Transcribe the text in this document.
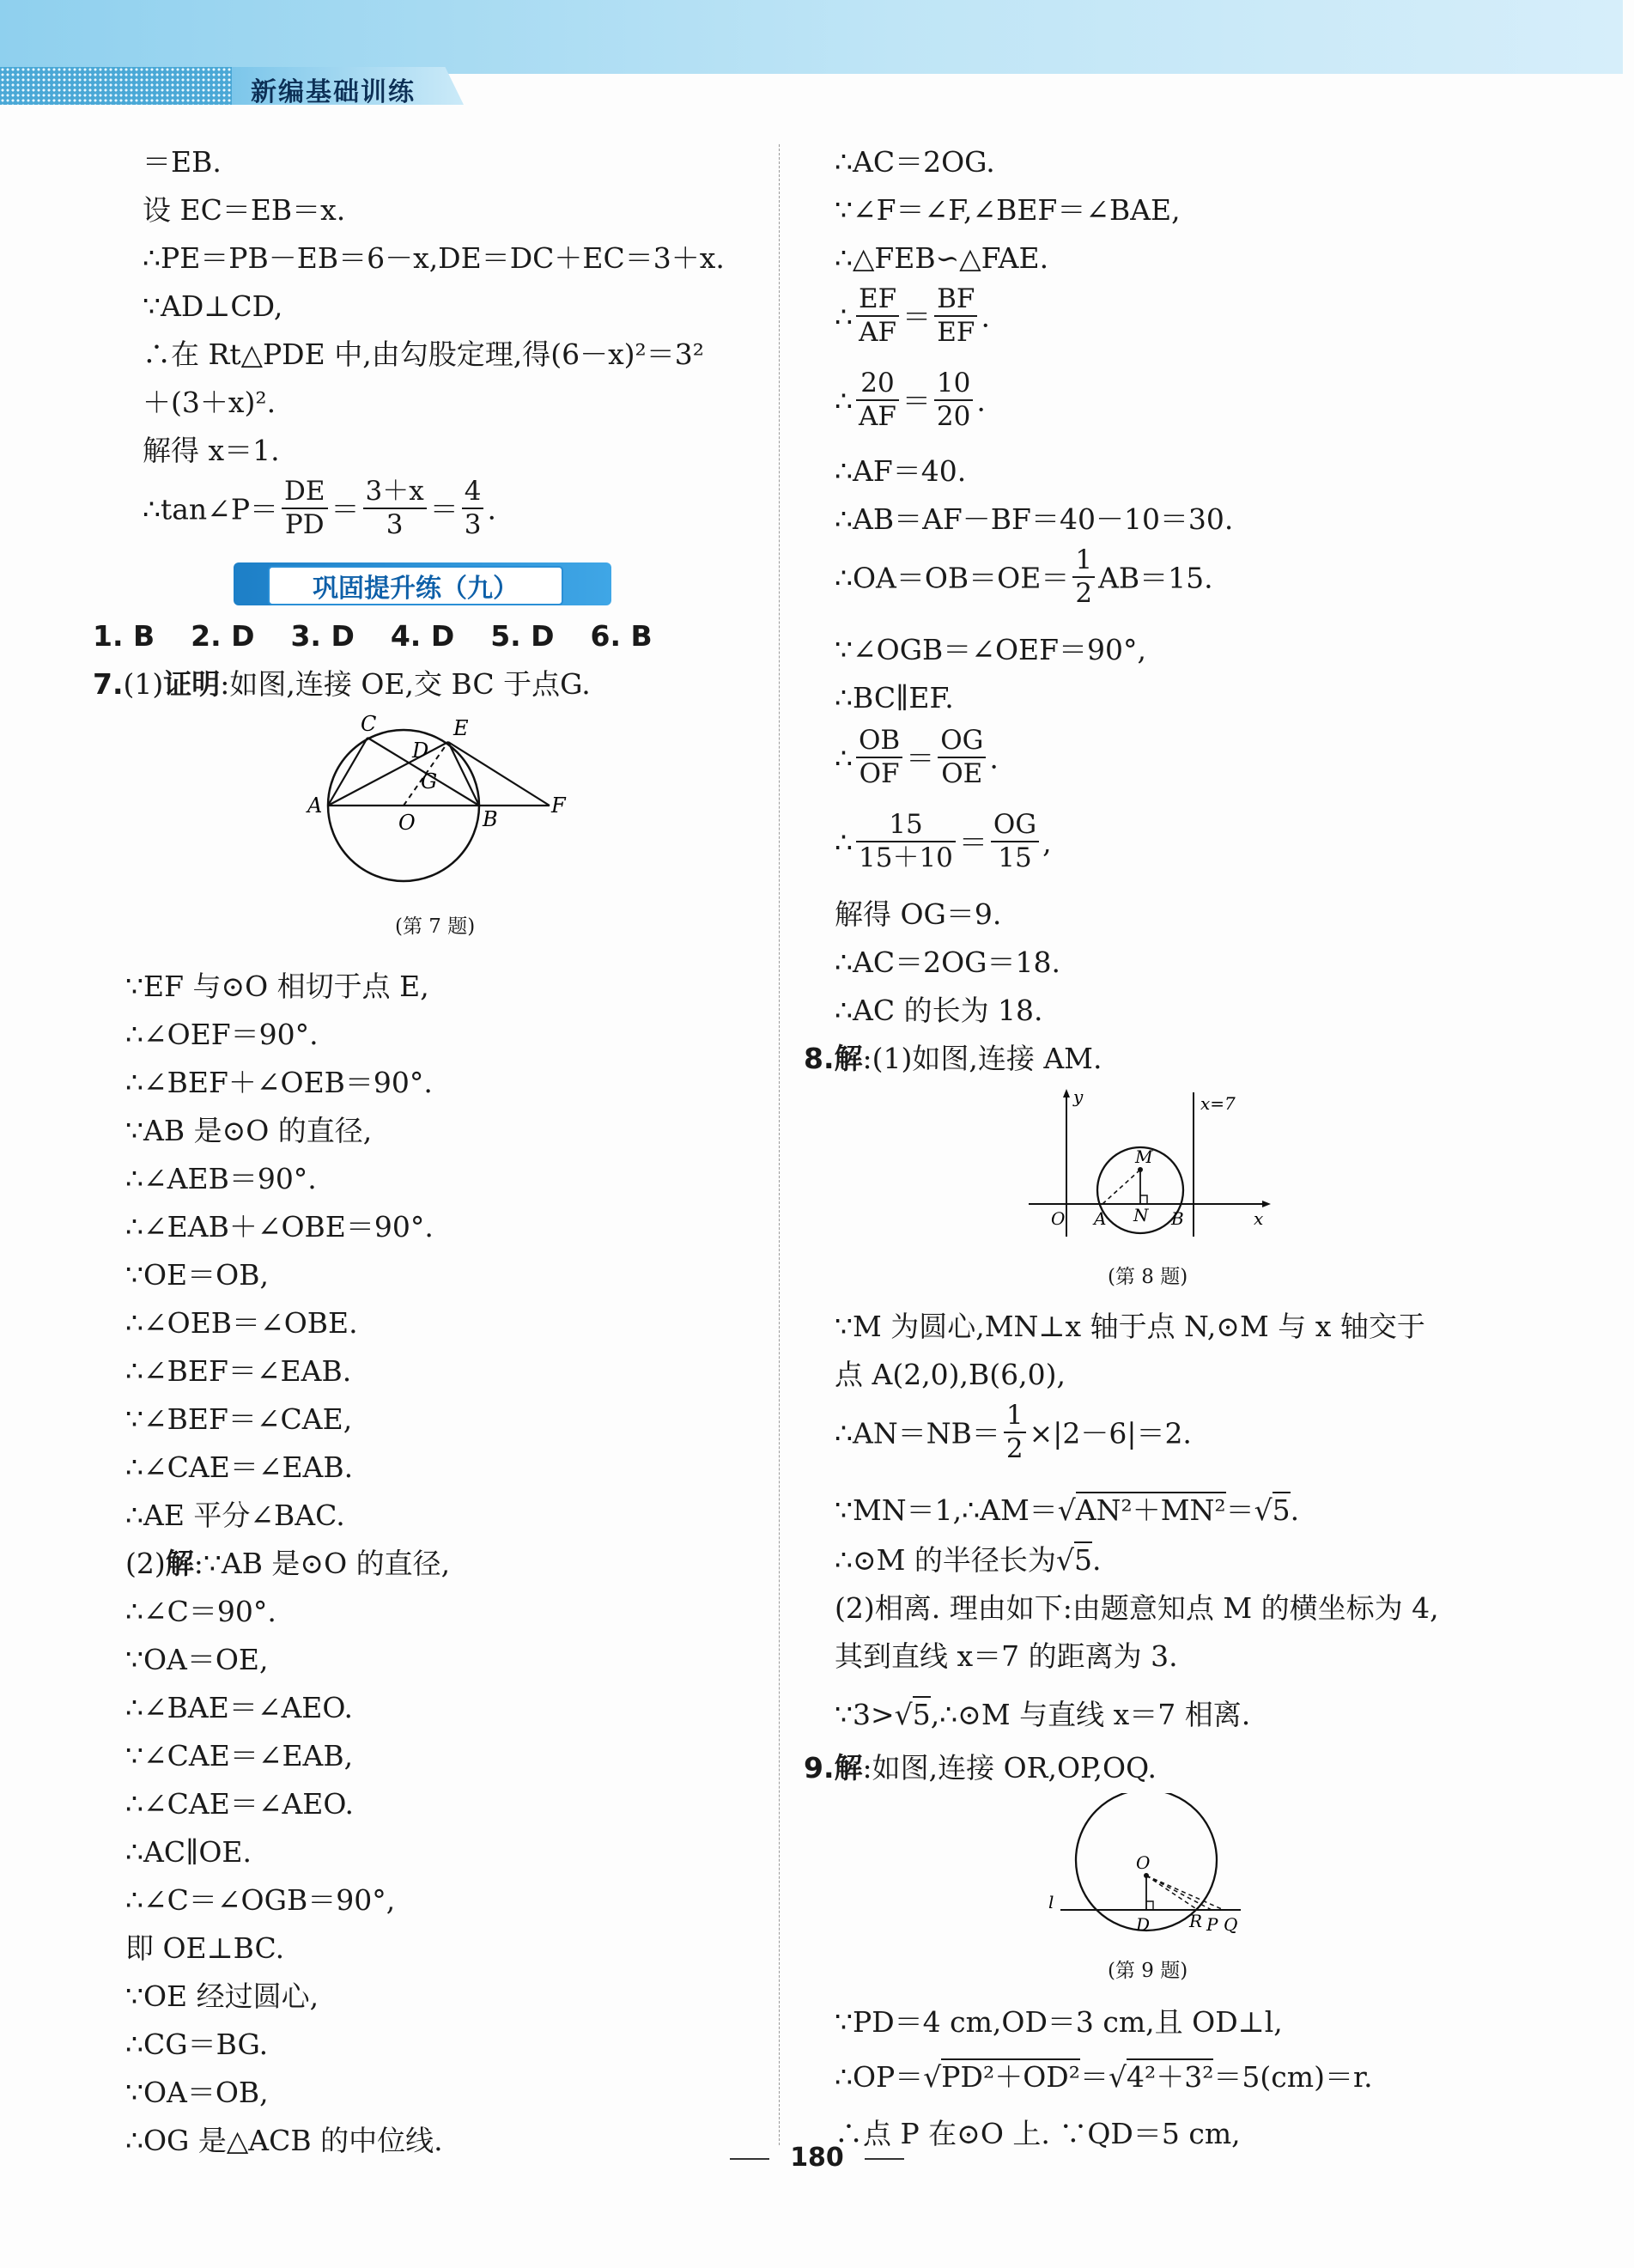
新编基础训练
＝EB.
设 EC＝EB＝x.
∴PE＝PB－EB＝6－x,DE＝DC＋EC＝3＋x.
∵AD⊥CD,
∴在 Rt△PDE 中,由勾股定理,得(6－x)²＝3²
＋(3＋x)².
解得 x＝1.
∴tan∠P＝ $\frac{DE}{PD} = \frac{3+x}{3} = \frac{4}{3}$ .
巩固提升练（九）
1. B 2. D 3. D 4. D 5. D 6. B
7.(1)证明:如图,连接 OE,交 BC 于点G.
C	E
D
G
A
O	B
F
(第 7 题)
∵EF 与⊙O 相切于点 E,
∴∠OEF＝90°.
∴∠BEF＋∠OEB＝90°.
∵AB 是⊙O 的直径,
∴∠AEB＝90°.
∴∠EAB＋∠OBE＝90°.
∵OE＝OB,
∴∠OEB＝∠OBE.
∴∠BEF＝∠EAB.
∵∠BEF＝∠CAE,
∴∠CAE＝∠EAB.
∴AE 平分∠BAC.
(2)解:∵AB 是⊙O 的直径,
∴∠C＝90°.
∵OA＝OE,
∴∠BAE＝∠AEO.
∵∠CAE＝∠EAB,
∴∠CAE＝∠AEO.
∴AC∥OE.
∴∠C＝∠OGB＝90°,
即 OE⊥BC.
∵OE 经过圆心,
∴CG＝BG.
∵OA＝OB,
∴OG 是△ACB 的中位线.
∴AC＝2OG.
∵∠F＝∠F,∠BEF＝∠BAE,
∴△FEB∽△FAE.
∴ $\frac{EF}{AF} = \frac{BF}{EF}$ .
∴ $\frac{20}{AF} = \frac{10}{20}$ .
∴AF＝40.
∴AB＝AF－BF＝40－10＝30.
∴OA＝OB＝OE＝ $\frac{1}{2} AB=15$.
∵∠OGB＝∠OEF＝90°,
∴BC∥EF.
∴ $\frac{OB}{OF} = \frac{OG}{OE}$ .
∴ $\frac{15}{15+10} = \frac{OG}{15}$ ,
解得 OG＝9.
∴AC＝2OG＝18.
∴AC 的长为 18.
8.解:(1)如图,连接 AM.
y	x=7
M
O A N B	x
(第 8 题)
∵M 为圆心,MN⊥x 轴于点 N,⊙M 与 x 轴交于
点 A(2,0),B(6,0),
∴AN＝NB＝ $\frac{1}{2} \times|2-6|=2$.
∵MN＝1,∴AM＝√AN²＋MN²＝√5.
∴⊙M 的半径长为√5.
(2)相离. 理由如下:由题意知点 M 的横坐标为 4,
其到直线 x＝7 的距离为 3.
∵3>√5,∴⊙M 与直线 x＝7 相离.
9.解:如图,连接 OR,OP,OQ.
O
l
D R P Q
(第 9 题)
∵PD＝4 cm,OD＝3 cm,且 OD⊥l,
∴OP＝√PD²＋OD²＝√4²＋3²＝5(cm)＝r.
∴点 P 在⊙O 上. ∵QD＝5 cm,
180
